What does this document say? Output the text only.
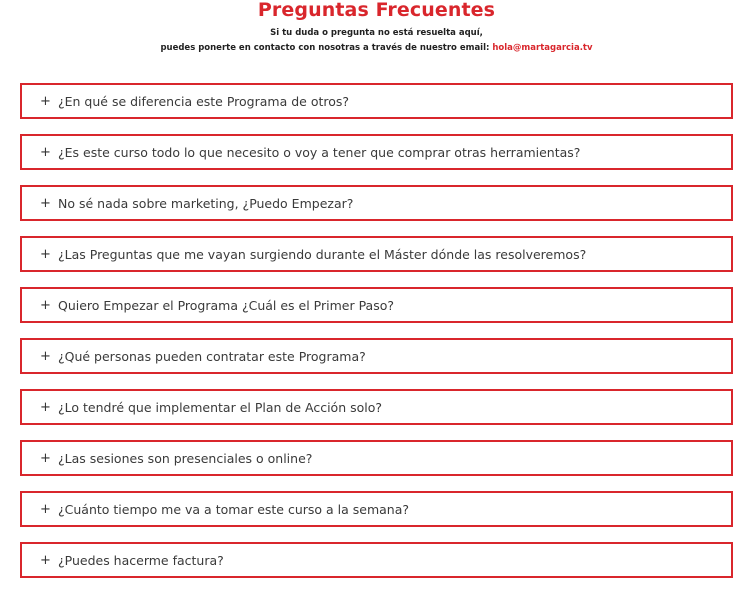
Preguntas Frecuentes

Si tu duda o pregunta no está resuelta aquí,

puedes ponerte en contacto con nosotras a través de nuestro email: hola@martagarcia.tv

+ ¿En qué se diferencia este Programa de otros?
+ ¿Es este curso todo lo que necesito o voy a tener que comprar otras herramientas?
+ No sé nada sobre marketing, ¿Puedo Empezar?
+ ¿Las Preguntas que me vayan surgiendo durante el Máster dónde las resolveremos?
+ Quiero Empezar el Programa ¿Cuál es el Primer Paso?
+ ¿Qué personas pueden contratar este Programa?
+ ¿Lo tendré que implementar el Plan de Acción solo?
+ ¿Las sesiones son presenciales o online?
+ ¿Cuánto tiempo me va a tomar este curso a la semana?
+ ¿Puedes hacerme factura?
